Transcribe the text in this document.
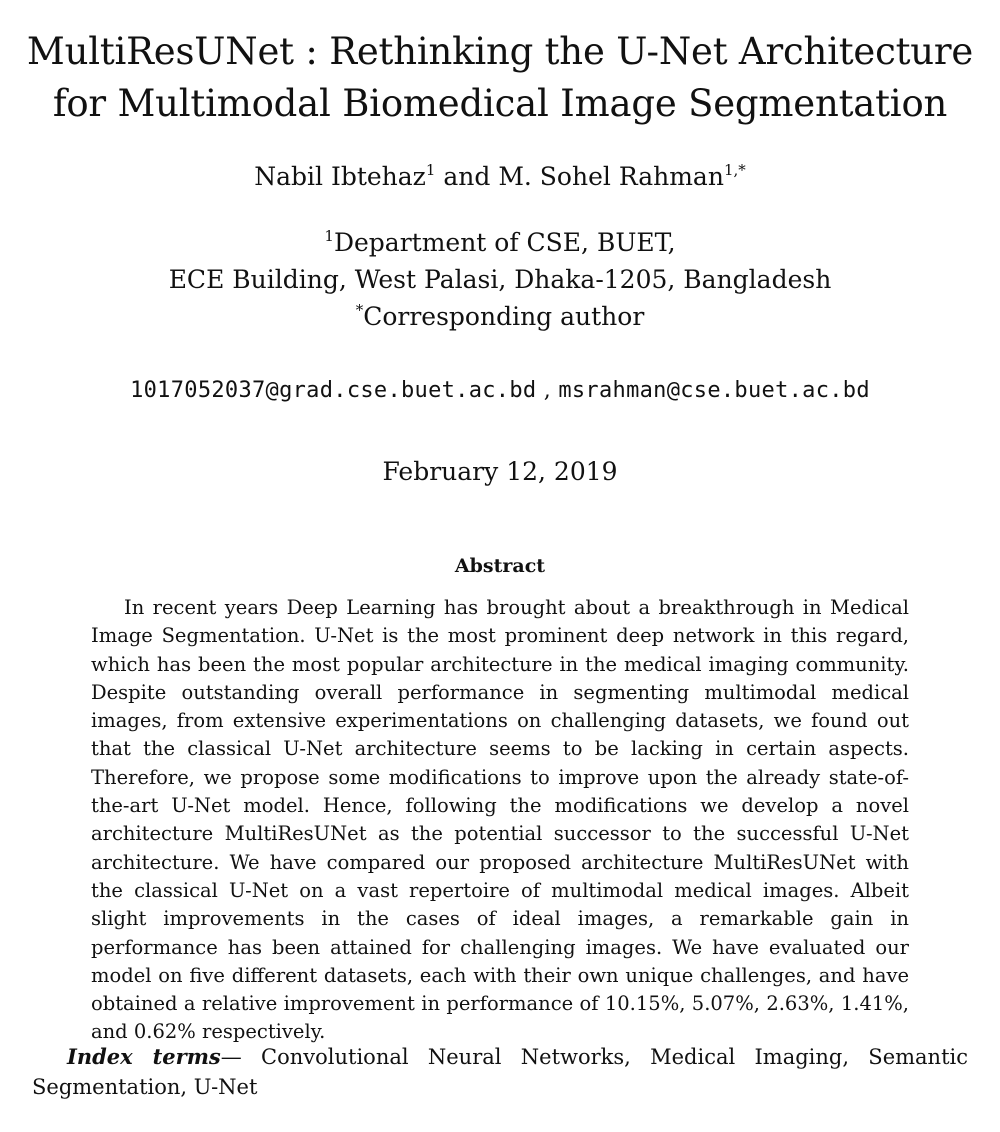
MultiResUNet : Rethinking the U-Net Architecture
for Multimodal Biomedical Image Segmentation
Nabil Ibtehaz$^1$ and M. Sohel Rahman$^{1,*}$
$^1$Department of CSE, BUET,
ECE Building, West Palasi, Dhaka-1205, Bangladesh
*Corresponding author
1017052037@grad.cse.buet.ac.bd , msrahman@cse.buet.ac.bd
February 12, 2019
Abstract

In recent years Deep Learning has brought about a breakthrough in Medical Image Segmentation. U-Net is the most prominent deep network in this regard, which has been the most popular architecture in the medical imaging community. Despite outstanding overall performance in segmenting multimodal medical images, from extensive experimentations on challenging datasets, we found out that the classical U-Net architecture seems to be lacking in certain aspects. Therefore, we propose some modifications to improve upon the already state-of-the-art U-Net model. Hence, following the modifications we develop a novel architecture MultiResUNet as the potential successor to the successful U-Net architecture. We have compared our proposed architecture MultiResUNet with the classical U-Net on a vast repertoire of multimodal medical images. Albeit slight improvements in the cases of ideal images, a remarkable gain in performance has been attained for challenging images. We have evaluated our model on five different datasets, each with their own unique challenges, and have obtained a relative improvement in performance of 10.15%, 5.07%, 2.63%, 1.41%, and 0.62% respectively.

Index terms— Convolutional Neural Networks, Medical Imaging, Semantic Segmentation, U-Net
